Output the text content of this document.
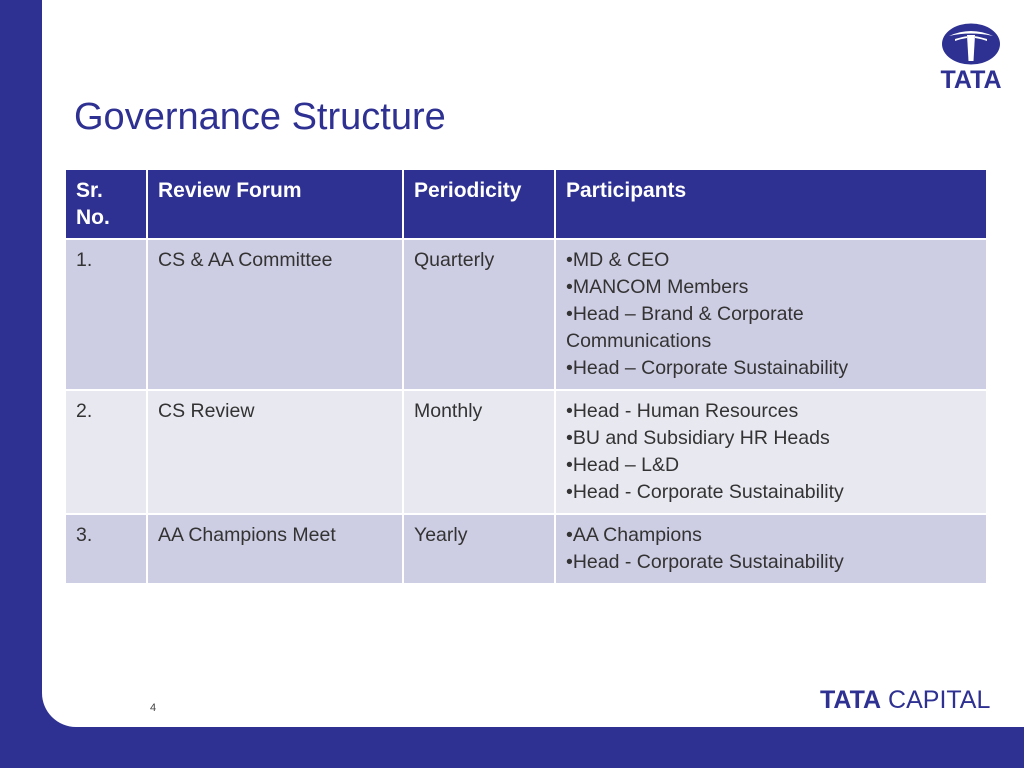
Governance Structure
TATA
Sr. No.	Review Forum	Periodicity	Participants
1.	CS & AA Committee	Quarterly	•MD & CEO
•MANCOM Members
•Head – Brand & Corporate
Communications
•Head – Corporate Sustainability

2.	CS Review	Monthly	•Head - Human Resources
•BU and Subsidiary HR Heads
•Head – L&D
•Head - Corporate Sustainability

3.	AA Champions Meet	Yearly	•AA Champions
•Head - Corporate Sustainability
4	TATA CAPITAL
